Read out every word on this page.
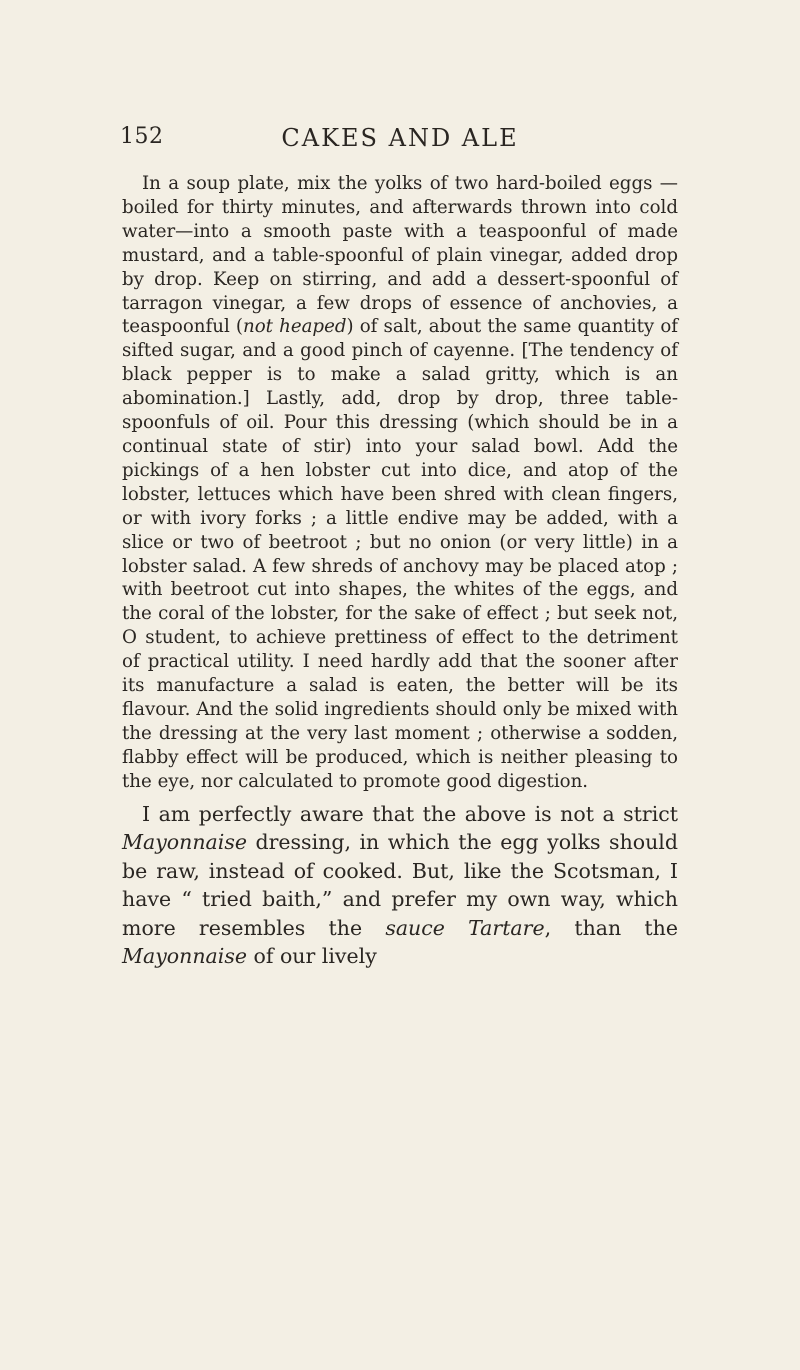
152	CAKES AND ALE

In a soup plate, mix the yolks of two hard-boiled eggs — boiled for thirty minutes, and afterwards thrown into cold water—into a smooth paste with a teaspoonful of made mustard, and a table-spoonful of plain vinegar, added drop by drop. Keep on stirring, and add a dessert-spoonful of tarragon vinegar, a few drops of essence of anchovies, a teaspoonful (not heaped) of salt, about the same quantity of sifted sugar, and a good pinch of cayenne. [The tendency of black pepper is to make a salad gritty, which is an abomination.] Lastly, add, drop by drop, three table-spoonfuls of oil. Pour this dressing (which should be in a continual state of stir) into your salad bowl. Add the pickings of a hen lobster cut into dice, and atop of the lobster, lettuces which have been shred with clean fingers, or with ivory forks ; a little endive may be added, with a slice or two of beetroot ; but no onion (or very little) in a lobster salad. A few shreds of anchovy may be placed atop ; with beetroot cut into shapes, the whites of the eggs, and the coral of the lobster, for the sake of effect ; but seek not, O student, to achieve prettiness of effect to the detriment of practical utility. I need hardly add that the sooner after its manufacture a salad is eaten, the better will be its flavour. And the solid ingredients should only be mixed with the dressing at the very last moment ; otherwise a sodden, flabby effect will be produced, which is neither pleasing to the eye, nor calculated to promote good digestion.

I am perfectly aware that the above is not a strict Mayonnaise dressing, in which the egg yolks should be raw, instead of cooked. But, like the Scotsman, I have “ tried baith,” and prefer my own way, which more resembles the sauce Tartare, than the Mayonnaise of our lively
